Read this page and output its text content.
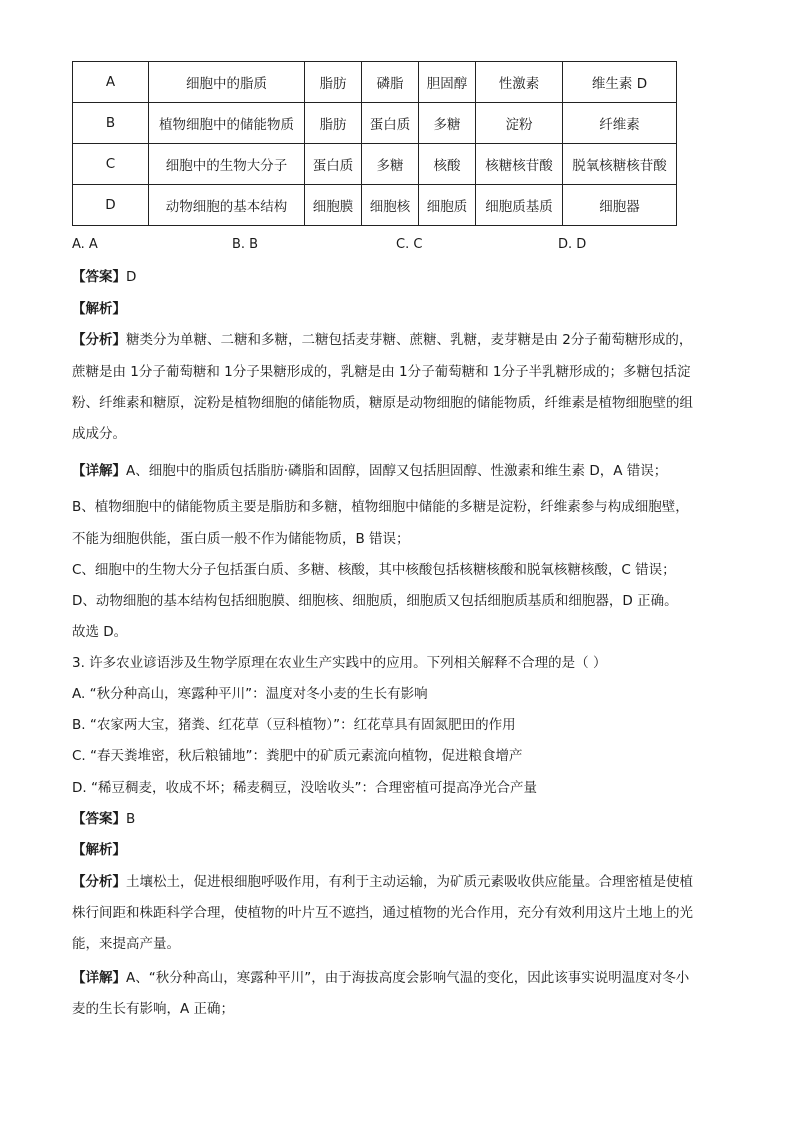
A	细胞中的脂质	脂肪	磷脂	胆固醇	性激素	维生素 D
B	植物细胞中的储能物质	脂肪	蛋白质	多糖	淀粉	纤维素
C	细胞中的生物大分子	蛋白质	多糖	核酸	核糖核苷酸	脱氧核糖核苷酸
D	动物细胞的基本结构	细胞膜	细胞核	细胞质	细胞质基质	细胞器
A. A	B. B	C. C	D. D
【答案】D
【解析】
【分析】糖类分为单糖、二糖和多糖，二糖包括麦芽糖、蔗糖、乳糖，麦芽糖是由 2分子葡萄糖形成的，
蔗糖是由 1分子葡萄糖和 1分子果糖形成的，乳糖是由 1分子葡萄糖和 1分子半乳糖形成的；多糖包括淀
粉、纤维素和糖原，淀粉是植物细胞的储能物质，糖原是动物细胞的储能物质，纤维素是植物细胞壁的组
成成分。
【详解】A、细胞中的脂质包括脂肪·磷脂和固醇，固醇又包括胆固醇、性激素和维生素 D，A 错误；
B、植物细胞中的储能物质主要是脂肪和多糖，植物细胞中储能的多糖是淀粉，纤维素参与构成细胞壁，
不能为细胞供能，蛋白质一般不作为储能物质，B 错误；
C、细胞中的生物大分子包括蛋白质、多糖、核酸，其中核酸包括核糖核酸和脱氧核糖核酸，C 错误；
D、动物细胞的基本结构包括细胞膜、细胞核、细胞质，细胞质又包括细胞质基质和细胞器，D 正确。
故选 D。
3. 许多农业谚语涉及生物学原理在农业生产实践中的应用。下列相关解释不合理的是（ ）
A. “秋分种高山，寒露种平川”：温度对冬小麦的生长有影响
B. “农家两大宝，猪粪、红花草（豆科植物）”：红花草具有固氮肥田的作用
C. “春天粪堆密，秋后粮铺地”：粪肥中的矿质元素流向植物，促进粮食增产
D. “稀豆稠麦，收成不坏；稀麦稠豆，没啥收头”：合理密植可提高净光合产量
【答案】B
【解析】
【分析】土壤松土，促进根细胞呼吸作用，有利于主动运输，为矿质元素吸收供应能量。合理密植是使植
株行间距和株距科学合理，使植物的叶片互不遮挡，通过植物的光合作用，充分有效利用这片土地上的光
能，来提高产量。
【详解】A、“秋分种高山，寒露种平川”，由于海拔高度会影响气温的变化，因此该事实说明温度对冬小
麦的生长有影响，A 正确；
